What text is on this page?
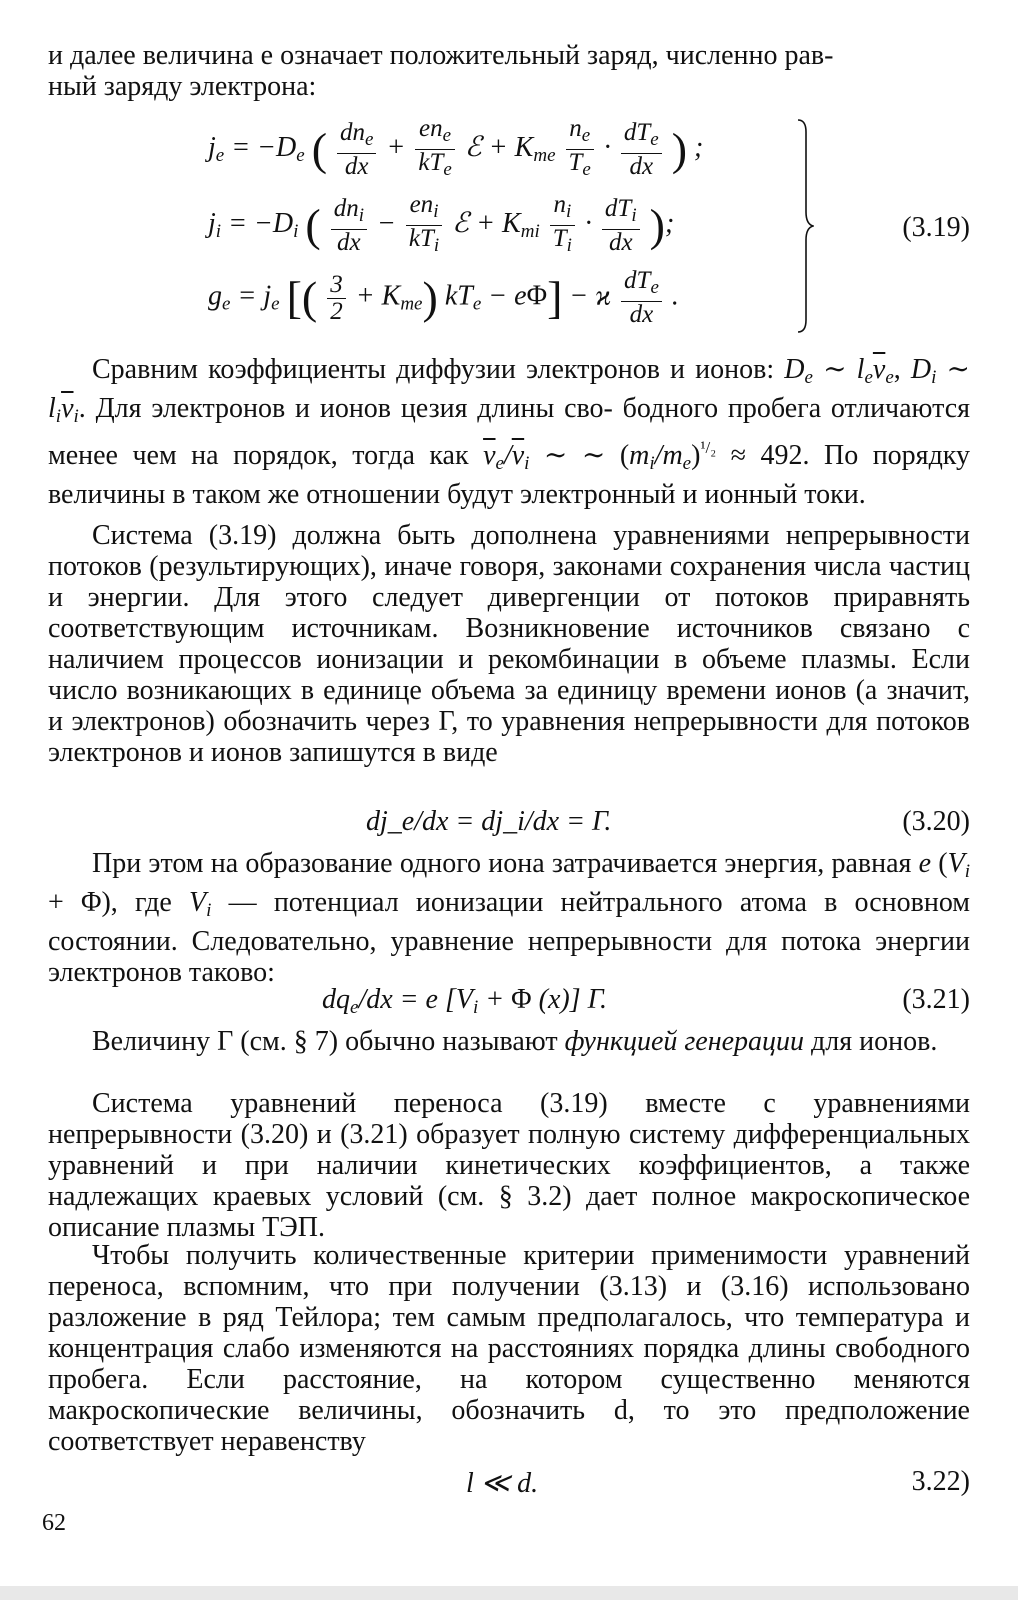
и далее величина e означает положительный заряд, численно рав-
ный заряду электрона:

$j_e = -D_e$ ( $\frac{dn_e}{dx} + \frac{en_e}{kT_e}$ ℰ + $K_{тe} \frac{n_e}{T_e} \cdot \frac{dT_e}{dx}$ ) ;
$j_i = -D_i$ ( $\frac{dn_i}{dx} - \frac{en_i}{kT_i}$ ℰ + $K_{тi} \frac{n_i}{T_i} \cdot \frac{dT_i}{dx}$ );
$g_e = j_e$ [( $\frac{3}{2} + K_{тe}$) $kT_e - e\Phi] - ϰ \frac{dT_e}{dx}$ .
(3.19)
Сравним коэффициенты диффузии электронов и ионов: $D_e$ ∼ $l_e\overline{v}_e$, $D_i$ ∼ $l_i\overline{v}_i$. Для электронов и ионов цезия длины сво- бодного пробега отличаются менее чем на порядок, тогда как $\overline{v}_e/\overline{v}_i$ ∼ ∼ $(m_i/m_e)^{^1/_2} \approx 492$. По порядку величины в таком же отношении будут электронный и ионный токи.

Система (3.19) должна быть дополнена уравнениями непрерывности потоков (результирующих), иначе говоря, законами сохранения числа частиц и энергии. Для этого следует дивергенции от потоков приравнять соответствующим источникам. Возникновение источников связано с наличием процессов ионизации и рекомбинации в объеме плазмы. Если число возникающих в единице объема за единицу времени ионов (а значит, и электронов) обозначить через Γ, то уравнения непрерывности для потоков электронов и ионов запишутся в виде

dj_e/dx = dj_i/dx = Γ.	(3.20)
При этом на образование одного иона затрачивается энергия, равная e $(V_i + \Phi)$, где $V_i$ — потенциал ионизации нейтрального атома в основном состоянии. Следовательно, уравнение непрерывности для потока энергии электронов таково:
$dq_e/dx = e$ [$V_i + \Phi$ (x)] Γ.	(3.21)
Величину Γ (см. § 7) обычно называют функцией генерации для ионов.

Система уравнений переноса (3.19) вместе с уравнениями непрерывности (3.20) и (3.21) образует полную систему дифференциальных уравнений и при наличии кинетических коэффициентов, а также надлежащих краевых условий (см. § 3.2) дает полное макроскопическое описание плазмы ТЭП.

Чтобы получить количественные критерии применимости уравнений переноса, вспомним, что при получении (3.13) и (3.16) использовано разложение в ряд Тейлора; тем самым предполагалось, что температура и концентрация слабо изменяются на расстояниях порядка длины свободного пробега. Если расстояние, на котором существенно меняются макроскопические величины, обозначить d, то это предположение соответствует неравенству

l ≪ d.	3.22)
62
